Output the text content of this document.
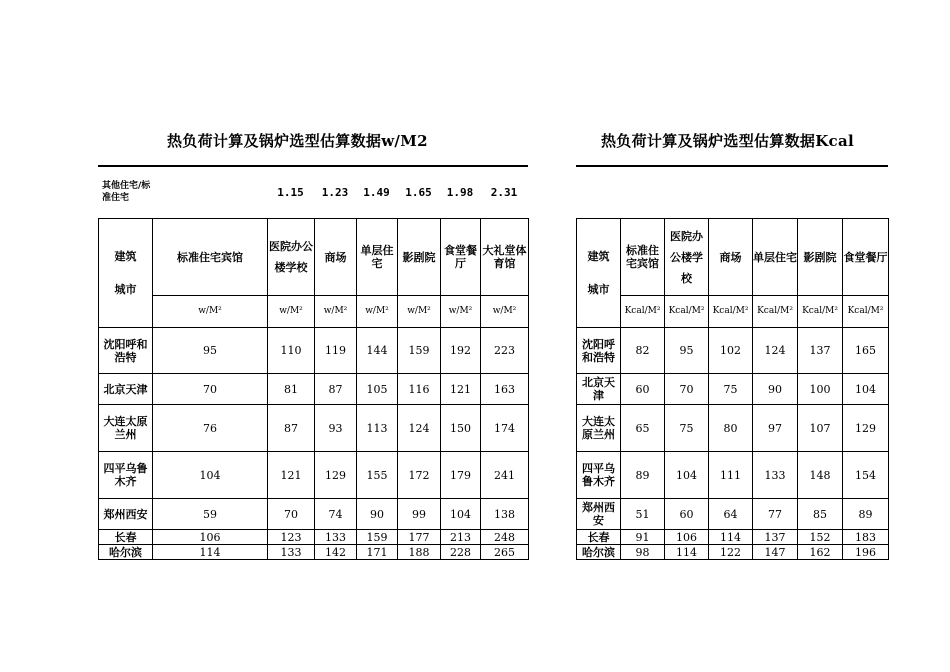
热负荷计算及锅炉选型估算数据w/M2	热负荷计算及锅炉选型估算数据Kcal
其他住宅/标准住宅		1.15	1.23	1.49	1.65	1.98	2.31
建筑
城市	标准住宅宾馆	医院办公楼学校	商场	单层住宅	影剧院	食堂餐厅	大礼堂体育馆
	w/M²	w/M²	w/M²	w/M²	w/M²	w/M²	w/M²
沈阳呼和浩特	95	110	119	144	159	192	223
北京天津	70	81	87	105	116	121	163
大连太原兰州	76	87	93	113	124	150	174
四平乌鲁木齐	104	121	129	155	172	179	241
郑州西安	59	70	74	90	99	104	138
长春	106	123	133	159	177	213	248
哈尔滨	114	133	142	171	188	228	265
建筑
城市	标准住宅宾馆	医院办公楼学校	商场	单层住宅	影剧院	食堂餐厅
	Kcal/M²	Kcal/M²	Kcal/M²	Kcal/M²	Kcal/M²	Kcal/M²
沈阳呼和浩特	82	95	102	124	137	165
北京天津	60	70	75	90	100	104
大连太原兰州	65	75	80	97	107	129
四平乌鲁木齐	89	104	111	133	148	154
郑州西安	51	60	64	77	85	89
长春	91	106	114	137	152	183
哈尔滨	98	114	122	147	162	196
